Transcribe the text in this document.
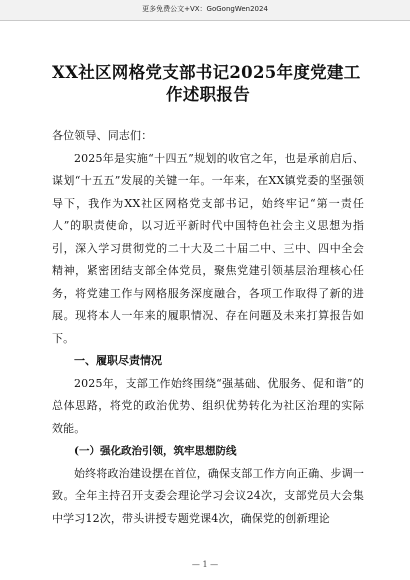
更多免费公文+VX：GoGongWen2024
XX社区网格党支部书记2025年度党建工
作述职报告

各位领导、同志们：

2025年是实施“十四五”规划的收官之年，也是承前启后、谋划“十五五”发展的关键一年。一年来，在XX镇党委的坚强领导下，我作为XX社区网格党支部书记，始终牢记“第一责任人”的职责使命，以习近平新时代中国特色社会主义思想为指引，深入学习贯彻党的二十大及二十届二中、三中、四中全会精神，紧密团结支部全体党员，聚焦党建引领基层治理核心任务，将党建工作与网格服务深度融合，各项工作取得了新的进展。现将本人一年来的履职情况、存在问题及未来打算报告如下。

一、履职尽责情况

2025年，支部工作始终围绕“强基础、优服务、促和谐”的总体思路，将党的政治优势、组织优势转化为社区治理的实际效能。

(一）强化政治引领，筑牢思想防线

始终将政治建设摆在首位，确保支部工作方向正确、步调一致。全年主持召开支委会理论学习会议24次，支部党员大会集中学习12次，带头讲授专题党课4次，确保党的创新理论

— 1 —
